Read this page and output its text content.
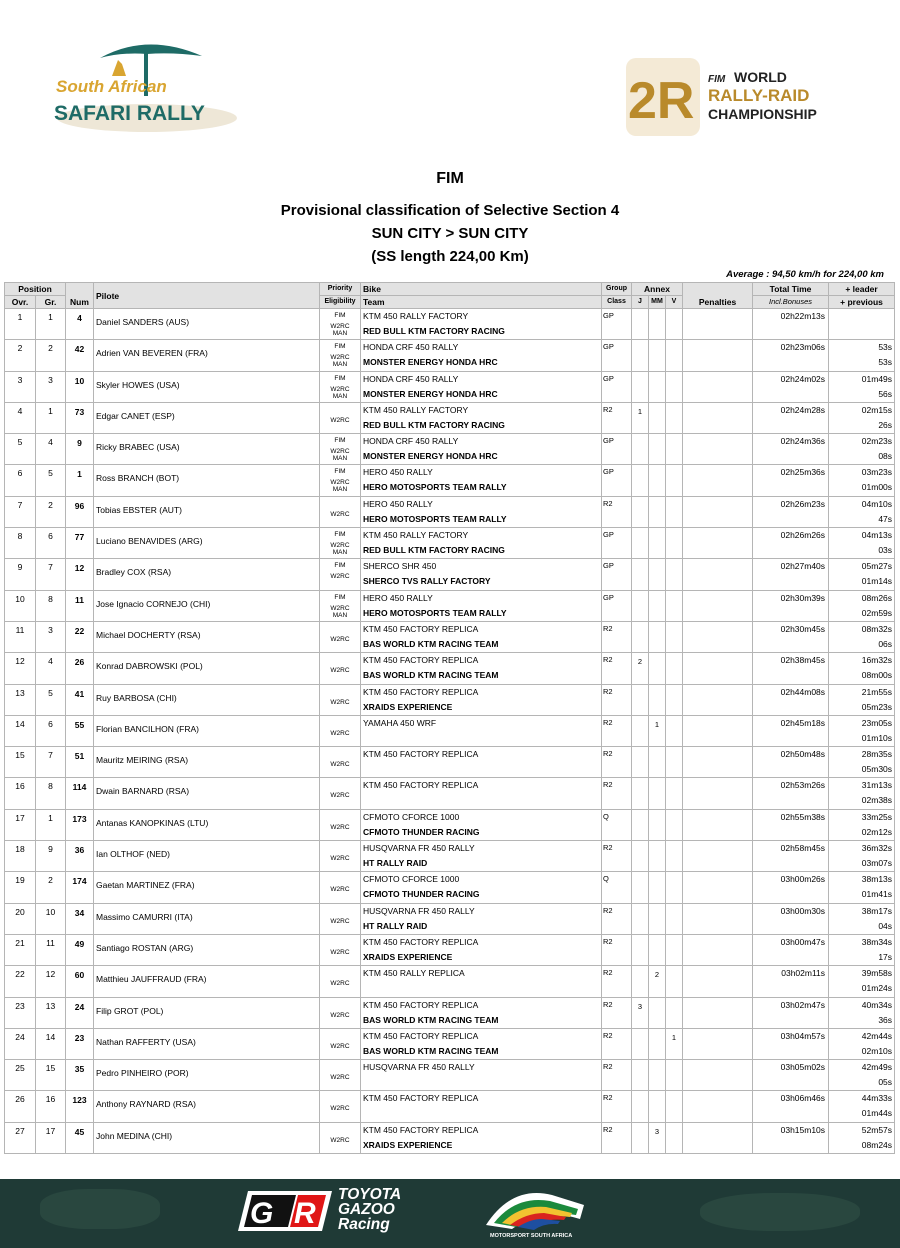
South African
SAFARI RALLY	2R FIM WORLD
RALLY-RAID
CHAMPIONSHIP
FIM
Provisional classification of Selective Section 4
SUN CITY > SUN CITY
(SS length 224,00 Km)
Average : 94,50 km/h for 224,00 km
Position		Num	Pilote	Priority	Bike	Group	Annex			Penalties	Total Time	+ leader
Ovr.	Gr.			Eligibility	Team	Class	J	MM	V		Incl.Bonuses	+ previous
1	1	4	Daniel SANDERS (AUS)	FIM
W2RC
MAN	KTM 450 RALLY FACTORY
RED BULL KTM FACTORY RACING	GP					02h22m13s	

2	2	42	Adrien VAN BEVEREN (FRA)	FIM
W2RC
MAN	HONDA CRF 450 RALLY
MONSTER ENERGY HONDA HRC	GP					02h23m06s	53s
53s

3	3	10	Skyler HOWES (USA)	FIM
W2RC
MAN	HONDA CRF 450 RALLY
MONSTER ENERGY HONDA HRC	GP					02h24m02s	01m49s
56s

4	1	73	Edgar CANET (ESP)	W2RC	KTM 450 RALLY FACTORY
RED BULL KTM FACTORY RACING	R2	1				02h24m28s	02m15s
26s

5	4	9	Ricky BRABEC (USA)	FIM
W2RC
MAN	HONDA CRF 450 RALLY
MONSTER ENERGY HONDA HRC	GP					02h24m36s	02m23s
08s

6	5	1	Ross BRANCH (BOT)	FIM
W2RC
MAN	HERO 450 RALLY
HERO MOTOSPORTS TEAM RALLY	GP					02h25m36s	03m23s
01m00s

7	2	96	Tobias EBSTER (AUT)	W2RC	HERO 450 RALLY
HERO MOTOSPORTS TEAM RALLY	R2					02h26m23s	04m10s
47s

8	6	77	Luciano BENAVIDES (ARG)	FIM
W2RC
MAN	KTM 450 RALLY FACTORY
RED BULL KTM FACTORY RACING	GP					02h26m26s	04m13s
03s

9	7	12	Bradley COX (RSA)	FIM
W2RC	SHERCO SHR 450
SHERCO TVS RALLY FACTORY	GP					02h27m40s	05m27s
01m14s

10	8	11	Jose Ignacio CORNEJO (CHI)	FIM
W2RC
MAN	HERO 450 RALLY
HERO MOTOSPORTS TEAM RALLY	GP					02h30m39s	08m26s
02m59s

11	3	22	Michael DOCHERTY (RSA)	W2RC	KTM 450 FACTORY REPLICA
BAS WORLD KTM RACING TEAM	R2					02h30m45s	08m32s
06s

12	4	26	Konrad DABROWSKI (POL)	W2RC	KTM 450 FACTORY REPLICA
BAS WORLD KTM RACING TEAM	R2	2				02h38m45s	16m32s
08m00s

13	5	41	Ruy BARBOSA (CHI)	W2RC	KTM 450 FACTORY REPLICA
XRAIDS EXPERIENCE	R2					02h44m08s	21m55s
05m23s

14	6	55	Florian BANCILHON (FRA)	W2RC	YAMAHA 450 WRF	R2		1			02h45m18s	23m05s
01m10s

15	7	51	Mauritz MEIRING (RSA)	W2RC	KTM 450 FACTORY REPLICA	R2					02h50m48s	28m35s
05m30s

16	8	114	Dwain BARNARD (RSA)	W2RC	KTM 450 FACTORY REPLICA	R2					02h53m26s	31m13s
02m38s

17	1	173	Antanas KANOPKINAS (LTU)	W2RC	CFMOTO CFORCE 1000
CFMOTO THUNDER RACING	Q					02h55m38s	33m25s
02m12s

18	9	36	Ian OLTHOF (NED)	W2RC	HUSQVARNA FR 450 RALLY
HT RALLY RAID	R2					02h58m45s	36m32s
03m07s

19	2	174	Gaetan MARTINEZ (FRA)	W2RC	CFMOTO CFORCE 1000
CFMOTO THUNDER RACING	Q					03h00m26s	38m13s
01m41s

20	10	34	Massimo CAMURRI (ITA)	W2RC	HUSQVARNA FR 450 RALLY
HT RALLY RAID	R2					03h00m30s	38m17s
04s

21	11	49	Santiago ROSTAN (ARG)	W2RC	KTM 450 FACTORY REPLICA
XRAIDS EXPERIENCE	R2					03h00m47s	38m34s
17s

22	12	60	Matthieu JAUFFRAUD (FRA)	W2RC	KTM 450 RALLY REPLICA	R2		2			03h02m11s	39m58s
01m24s

23	13	24	Filip GROT (POL)	W2RC	KTM 450 FACTORY REPLICA
BAS WORLD KTM RACING TEAM	R2	3				03h02m47s	40m34s
36s

24	14	23	Nathan RAFFERTY (USA)	W2RC	KTM 450 FACTORY REPLICA
BAS WORLD KTM RACING TEAM	R2			1		03h04m57s	42m44s
02m10s

25	15	35	Pedro PINHEIRO (POR)	W2RC	HUSQVARNA FR 450 RALLY	R2					03h05m02s	42m49s
05s

26	16	123	Anthony RAYNARD (RSA)	W2RC	KTM 450 FACTORY REPLICA	R2					03h06m46s	44m33s
01m44s

27	17	45	John MEDINA (CHI)	W2RC	KTM 450 FACTORY REPLICA
XRAIDS EXPERIENCE	R2		3			03h15m10s	52m57s
08m24s
G R
TOYOTA
GAZOO
Racing
MOTORSPORT SOUTH AFRICA
